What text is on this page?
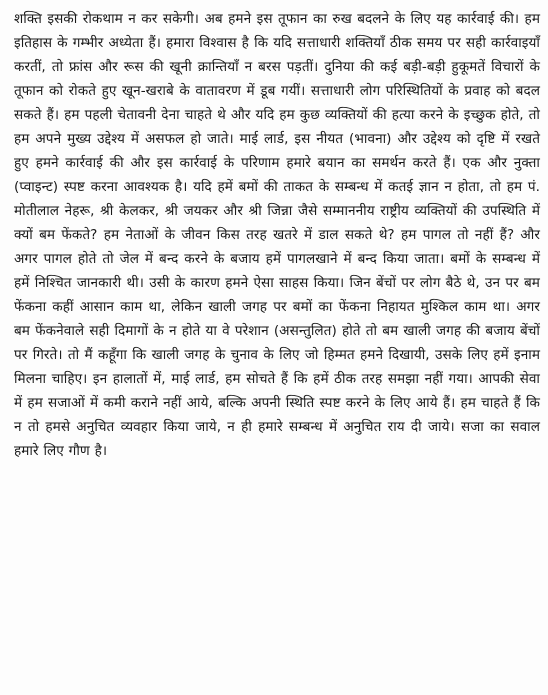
शक्ति इसकी रोकथाम न कर सकेगी। अब हमने इस तूफान का रुख बदलने के लिए यह कार्रवाई की। हम इतिहास के गम्भीर अध्येता हैं। हमारा विश्वास है कि यदि सत्ताधारी शक्तियाँ ठीक समय पर सही कार्रवाइयाँ करतीं, तो फ्रांस और रूस की खूनी क्रान्तियाँ न बरस पड़तीं। दुनिया की कई बड़ी-बड़ी हुकूमतें विचारों के तूफान को रोकते हुए खून-खराबे के वातावरण में डूब गयीं। सत्ताधारी लोग परिस्थितियों के प्रवाह को बदल सकते हैं। हम पहली चेतावनी देना चाहते थे और यदि हम कुछ व्यक्तियों की हत्या करने के इच्छुक होते, तो हम अपने मुख्य उद्देश्य में असफल हो जाते। माई लार्ड, इस नीयत (भावना) और उद्देश्य को दृष्टि में रखते हुए हमने कार्रवाई की और इस कार्रवाई के परिणाम हमारे बयान का समर्थन करते हैं। एक और नुक्ता (प्वाइन्ट) स्पष्ट करना आवश्यक है। यदि हमें बमों की ताकत के सम्बन्ध में कतई ज्ञान न होता, तो हम पं. मोतीलाल नेहरू, श्री केलकर, श्री जयकर और श्री जिन्ना जैसे सम्माननीय राष्ट्रीय व्यक्तियों की उपस्थिति में क्यों बम फेंकते? हम नेताओं के जीवन किस तरह खतरे में डाल सकते थे? हम पागल तो नहीं हैं? और अगर पागल होते तो जेल में बन्द करने के बजाय हमें पागलखाने में बन्द किया जाता। बमों के सम्बन्ध में हमें निश्चित जानकारी थी। उसी के कारण हमने ऐसा साहस किया। जिन बेंचों पर लोग बैठे थे, उन पर बम फेंकना कहीं आसान काम था, लेकिन खाली जगह पर बमों का फेंकना निहायत मुश्किल काम था। अगर बम फेंकनेवाले सही दिमागों के न होते या वे परेशान (असन्तुलित) होते तो बम खाली जगह की बजाय बेंचों पर गिरते। तो मैं कहूँगा कि खाली जगह के चुनाव के लिए जो हिम्मत हमने दिखायी, उसके लिए हमें इनाम मिलना चाहिए। इन हालातों में, माई लार्ड, हम सोचते हैं कि हमें ठीक तरह समझा नहीं गया। आपकी सेवा में हम सजाओं में कमी कराने नहीं आये, बल्कि अपनी स्थिति स्पष्ट करने के लिए आये हैं। हम चाहते हैं कि न तो हमसे अनुचित व्यवहार किया जाये, न ही हमारे सम्बन्ध में अनुचित राय दी जाये। सजा का सवाल हमारे लिए गौण है।
